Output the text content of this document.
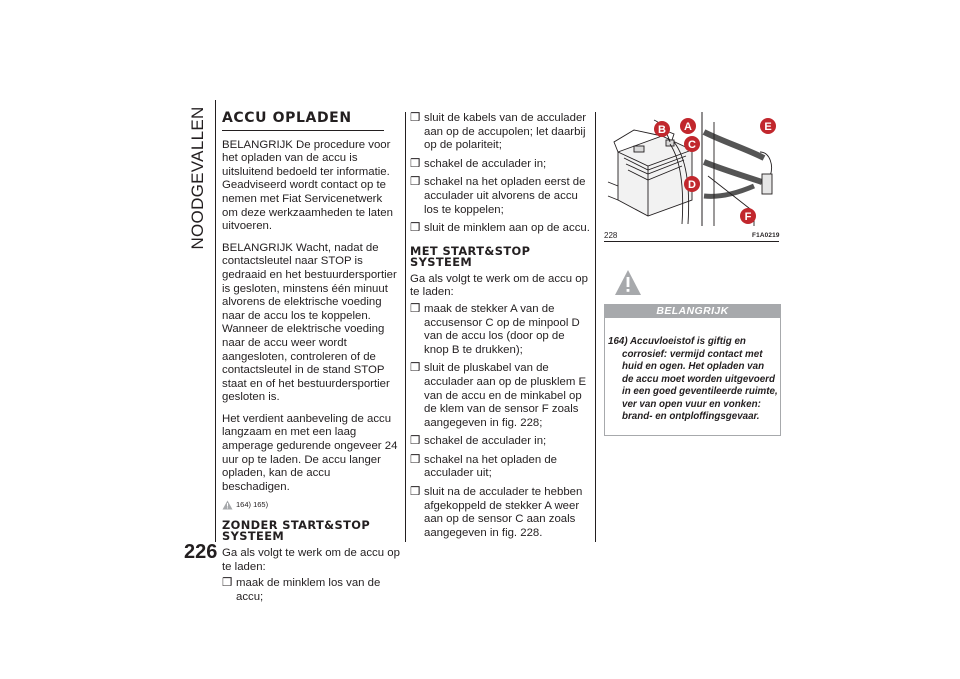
NOODGEVALLEN ACCU OPLADEN

BELANGRIJK De procedure voor het opladen van de accu is uitsluitend bedoeld ter informatie. Geadviseerd wordt contact op te nemen met Fiat Servicenetwerk om deze werkzaamheden te laten uitvoeren.

BELANGRIJK Wacht, nadat de contactsleutel naar STOP is gedraaid en het bestuurdersportier is gesloten, minstens één minuut alvorens de elektrische voeding naar de accu los te koppelen. Wanneer de elektrische voeding naar de accu weer wordt aangesloten, controleren of de contactsleutel in de stand STOP staat en of het bestuurdersportier gesloten is.

Het verdient aanbeveling de accu langzaam en met een laag amperage gedurende ongeveer 24 uur op te laden. De accu langer opladen, kan de accu beschadigen.

164) 165)
ZONDER START&STOP SYSTEEM

Ga als volgt te werk om de accu op te laden:

❒ maak de minklem los van de accu;
❒ sluit de kabels van de acculader aan op de accupolen; let daarbij op de polariteit;
❒ schakel de acculader in;
❒ schakel na het opladen eerst de acculader uit alvorens de accu los te koppelen;
❒ sluit de minklem aan op de accu.
MET START&STOP SYSTEEM

Ga als volgt te werk om de accu op te laden:

❒ maak de stekker A van de accusensor C op de minpool D van de accu los (door op de knop B te drukken);
❒ sluit de pluskabel van de acculader aan op de plusklem E van de accu en de minkabel op de klem van de sensor F zoals aangegeven in fig. 228;
❒ schakel de acculader in;
❒ schakel na het opladen de acculader uit;
❒ sluit na de acculader te hebben afgekoppeld de stekker A weer aan op de sensor C aan zoals aangegeven in fig. 228.
B A
C
D
E
F
228	F1A0219
BELANGRIJK
164) Accuvloeistof is giftig en corrosief: vermijd contact met huid en ogen. Het opladen van de accu moet worden uitgevoerd in een goed geventileerde ruimte, ver van open vuur en vonken: brand- en ontploffingsgevaar.
226
